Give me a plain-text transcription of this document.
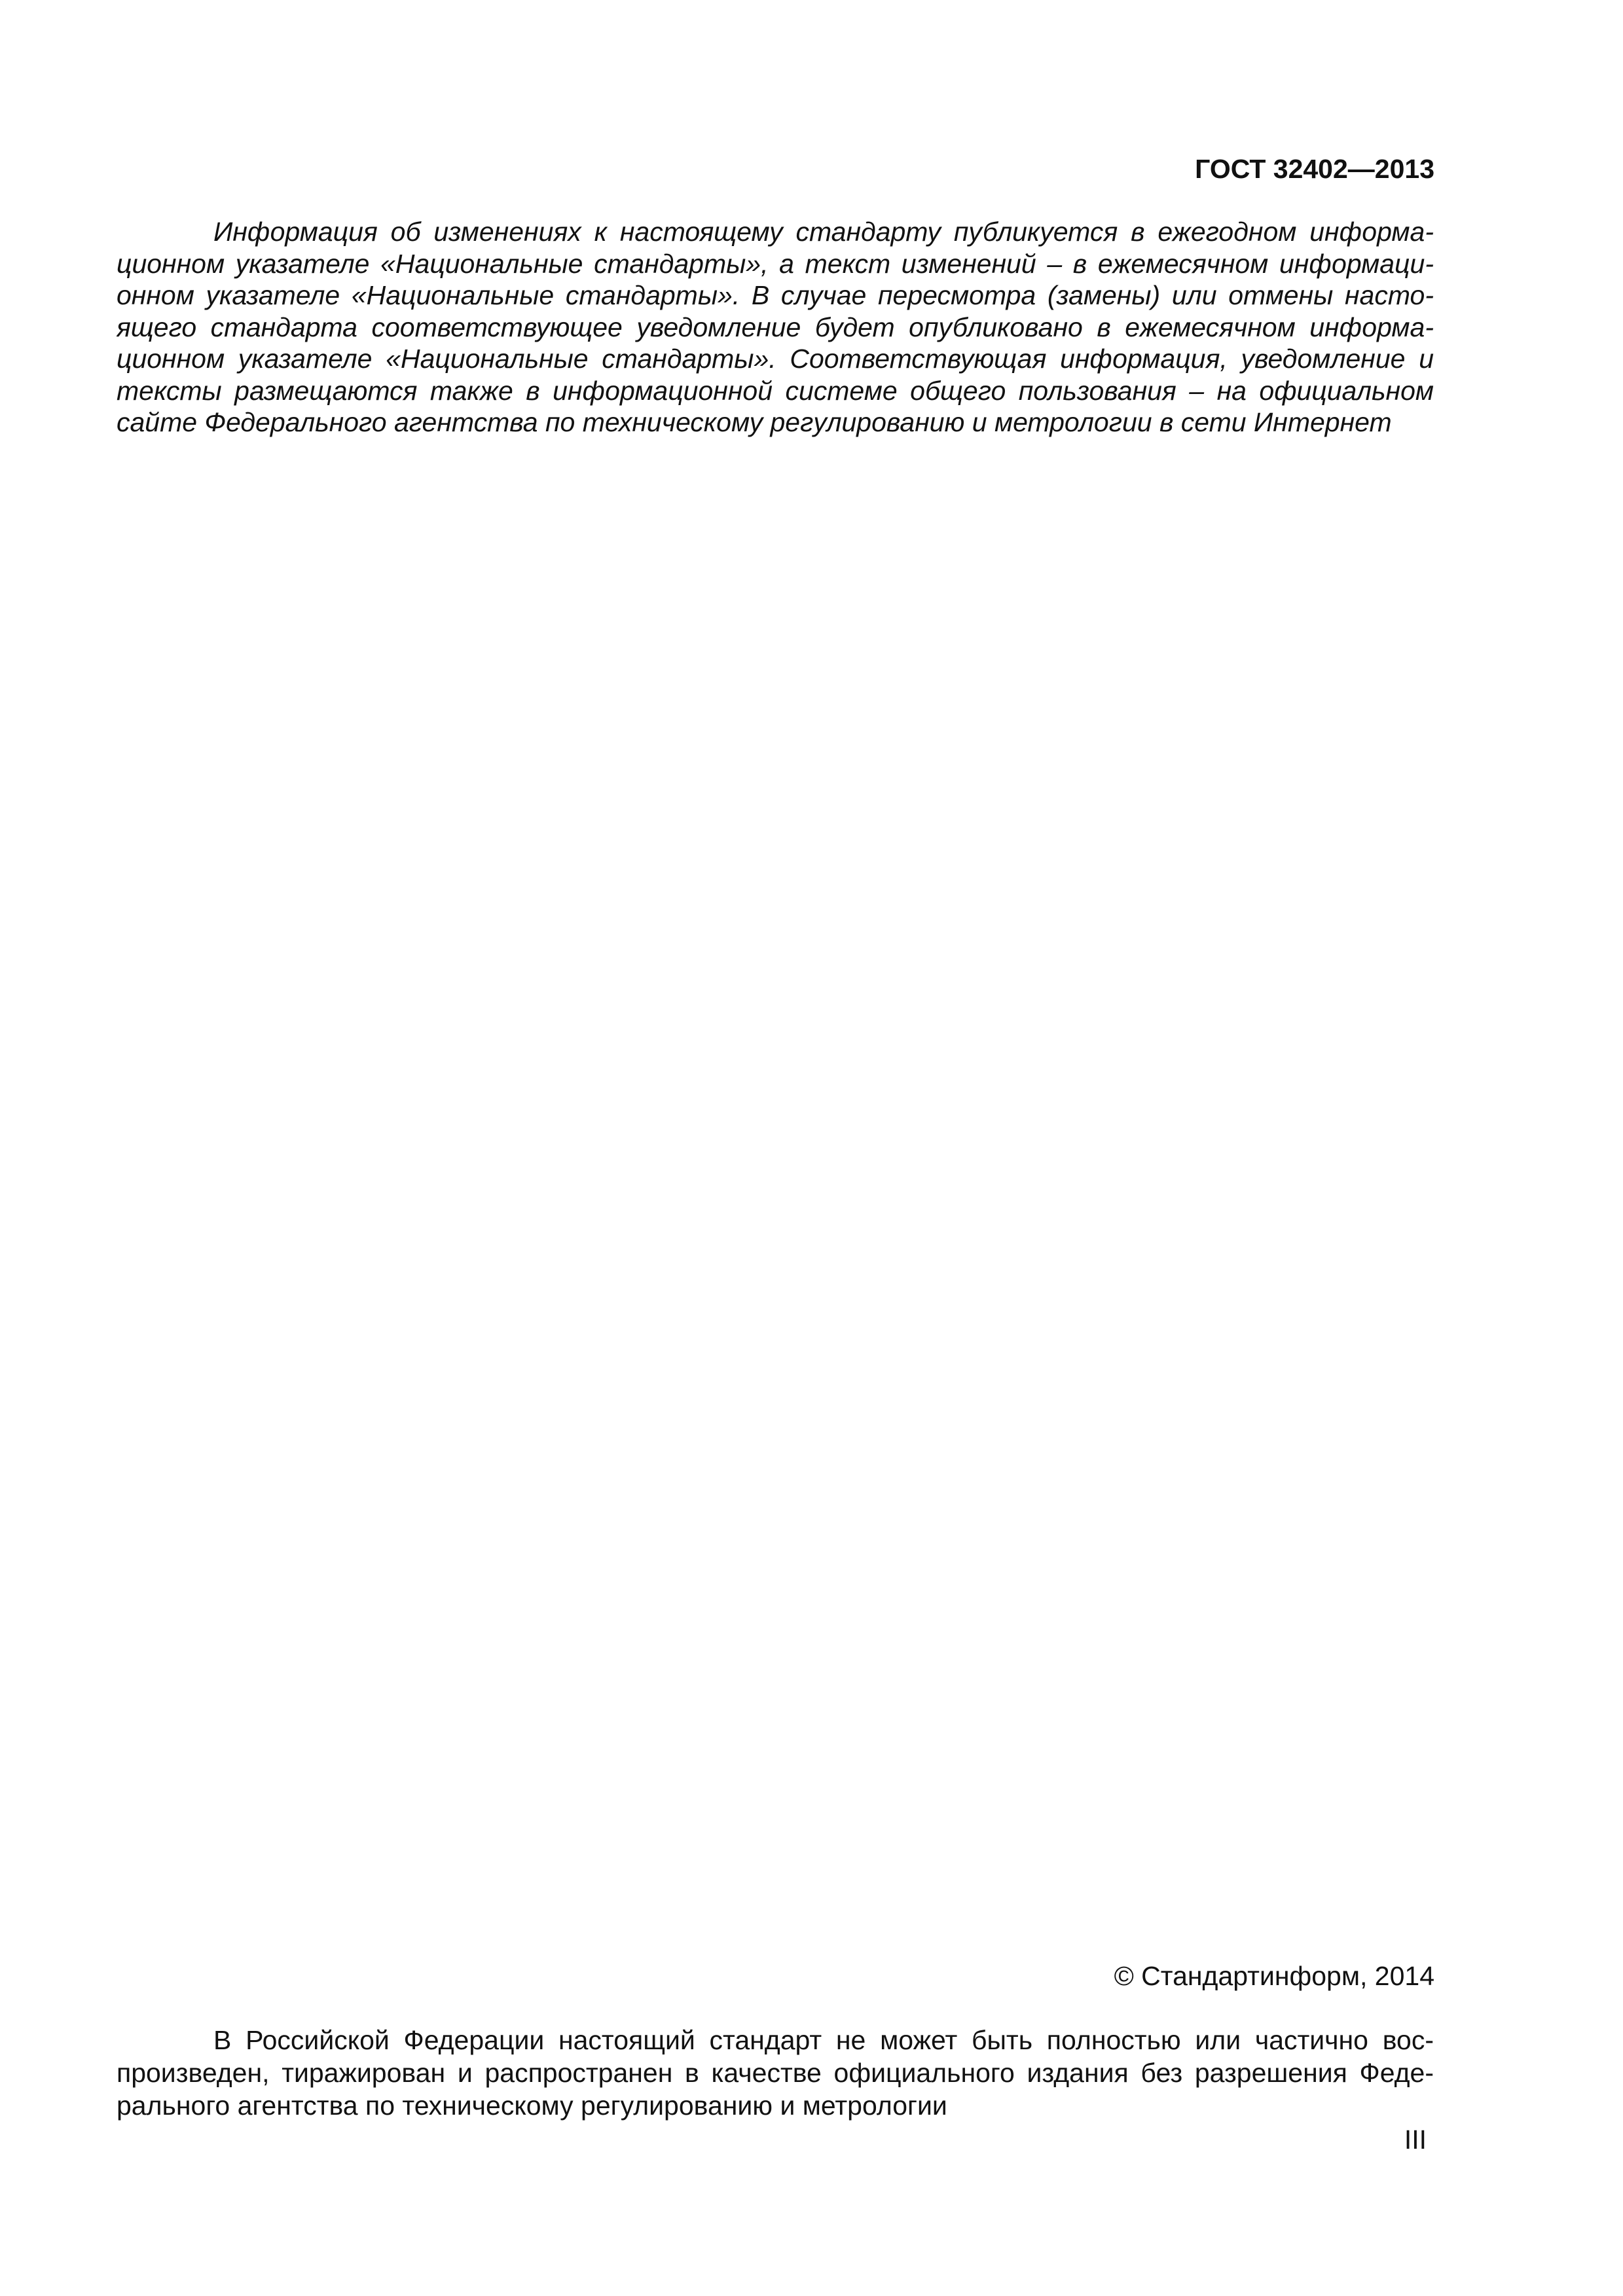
ГОСТ 32402—2013
Информация об изменениях к настоящему стандарту публикуется в ежегодном информа-
ционном указателе «Национальные стандарты», а текст изменений – в ежемесячном информаци-
онном указателе «Национальные стандарты». В случае пересмотра (замены) или отмены насто-
ящего стандарта соответствующее уведомление будет опубликовано в ежемесячном информа-
ционном указателе «Национальные стандарты». Соответствующая информация, уведомление и
тексты размещаются также в информационной системе общего пользования – на официальном
сайте Федерального агентства по техническому регулированию и метрологии в сети Интернет
© Стандартинформ, 2014
В Российской Федерации настоящий стандарт не может быть полностью или частично вос-
произведен, тиражирован и распространен в качестве официального издания без разрешения Феде-
рального агентства по техническому регулированию и метрологии
III
